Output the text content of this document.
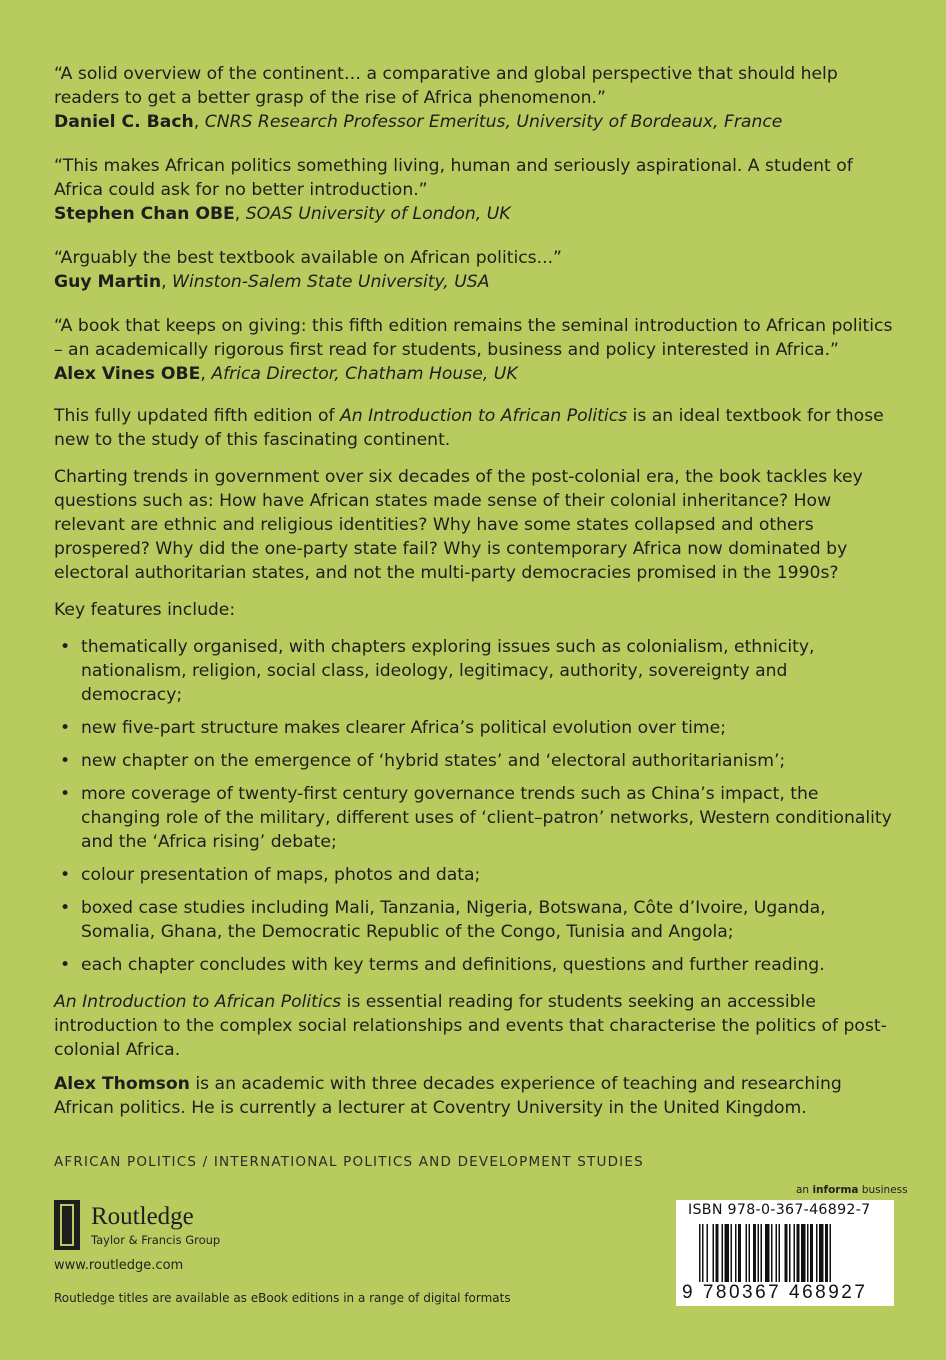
“A solid overview of the continent… a comparative and global perspective that should help readers to get a better grasp of the rise of Africa phenomenon.”
Daniel C. Bach, CNRS Research Professor Emeritus, University of Bordeaux, France
“This makes African politics something living, human and seriously aspirational. A student of Africa could ask for no better introduction.”
Stephen Chan OBE, SOAS University of London, UK
“Arguably the best textbook available on African politics...”
Guy Martin, Winston-Salem State University, USA
“A book that keeps on giving: this fifth edition remains the seminal introduction to African politics – an academically rigorous first read for students, business and policy interested in Africa.”
Alex Vines OBE, Africa Director, Chatham House, UK

This fully updated fifth edition of An Introduction to African Politics is an ideal textbook for those new to the study of this fascinating continent.

Charting trends in government over six decades of the post-colonial era, the book tackles key questions such as: How have African states made sense of their colonial inheritance? How relevant are ethnic and religious identities? Why have some states collapsed and others prospered? Why did the one-party state fail? Why is contemporary Africa now dominated by electoral authoritarian states, and not the multi-party democracies promised in the 1990s?

Key features include:

• thematically organised, with chapters exploring issues such as colonialism, ethnicity, nationalism, religion, social class, ideology, legitimacy, authority, sovereignty and democracy;
• new five-part structure makes clearer Africa’s political evolution over time;
• new chapter on the emergence of ‘hybrid states’ and ‘electoral authoritarianism’;
• more coverage of twenty-first century governance trends such as China’s impact, the changing role of the military, different uses of ‘client–patron’ networks, Western conditionality and the ‘Africa rising’ debate;
• colour presentation of maps, photos and data;
• boxed case studies including Mali, Tanzania, Nigeria, Botswana, Côte d’Ivoire, Uganda, Somalia, Ghana, the Democratic Republic of the Congo, Tunisia and Angola;
• each chapter concludes with key terms and definitions, questions and further reading.

An Introduction to African Politics is essential reading for students seeking an accessible introduction to the complex social relationships and events that characterise the politics of post-colonial Africa.

Alex Thomson is an academic with three decades experience of teaching and researching African politics. He is currently a lecturer at Coventry University in the United Kingdom.
AFRICAN POLITICS / INTERNATIONAL POLITICS AND DEVELOPMENT STUDIES
an informa business
Routledge
Taylor & Francis Group
www.routledge.com
Routledge titles are available as eBook editions in a range of digital formats
ISBN 978-0-367-46892-7
9 780367 468927
